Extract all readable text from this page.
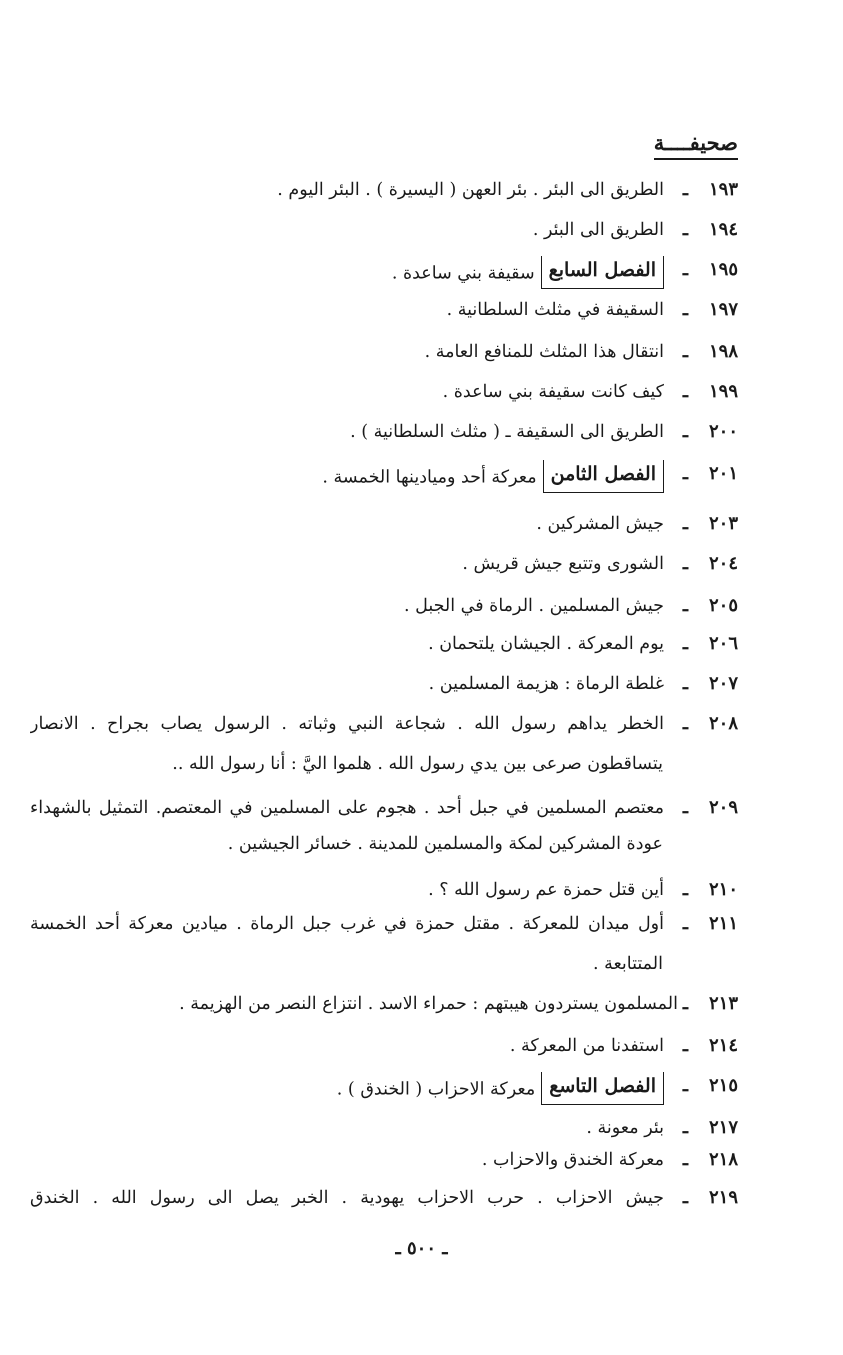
صحيفــــة
١٩٣
ـ
الطريق الى البئر . بئر العهن ( اليسيرة ) . البئر اليوم .
١٩٤
ـ
الطريق الى البئر .
١٩٥
ـ
الفصل السابعسقيفة بني ساعدة .
١٩٧
ـ
السقيفة في مثلث السلطانية .
١٩٨
ـ
انتقال هذا المثلث للمنافع العامة .
١٩٩
ـ
كيف كانت سقيفة بني ساعدة .
٢٠٠
ـ
الطريق الى السقيفة ـ ( مثلث السلطانية ) .
٢٠١
ـ
الفصل الثامنمعركة أحد وميادينها الخمسة .
٢٠٣
ـ
جيش المشركين .
٢٠٤
ـ
الشورى وتتبع جيش قريش .
٢٠٥
ـ
جيش المسلمين . الرماة في الجبل .
٢٠٦
ـ
يوم المعركة . الجيشان يلتحمان .
٢٠٧
ـ
غلطة الرماة : هزيمة المسلمين .
٢٠٨
ـ
الخطر يداهم رسول الله . شجاعة النبي وثباته . الرسول يصاب بجراح . الانصار
يتساقطون صرعى بين يدي رسول الله . هلموا اليَّ : أنا رسول الله ..
٢٠٩
ـ
معتصم المسلمين في جبل أحد . هجوم على المسلمين في المعتصم. التمثيل بالشهداء
عودة المشركين لمكة والمسلمين للمدينة . خسائر الجيشين .
٢١٠
ـ
أين قتل حمزة عم رسول الله ؟ .
٢١١
ـ
أول ميدان للمعركة . مقتل حمزة في غرب جبل الرماة . ميادين معركة أحد الخمسة
المتتابعة .
٢١٣
ـ
المسلمون يستردون هيبتهم : حمراء الاسد . انتزاع النصر من الهزيمة .
٢١٤
ـ
استفدنا من المعركة .
٢١٥
ـ
الفصل التاسعمعركة الاحزاب ( الخندق ) .
٢١٧
ـ
بئر معونة .
٢١٨
ـ
معركة الخندق والاحزاب .
٢١٩
ـ
جيش الاحزاب . حرب الاحزاب يهودية . الخبر يصل الى رسول الله . الخندق
ـ ٥٠٠ ـ
